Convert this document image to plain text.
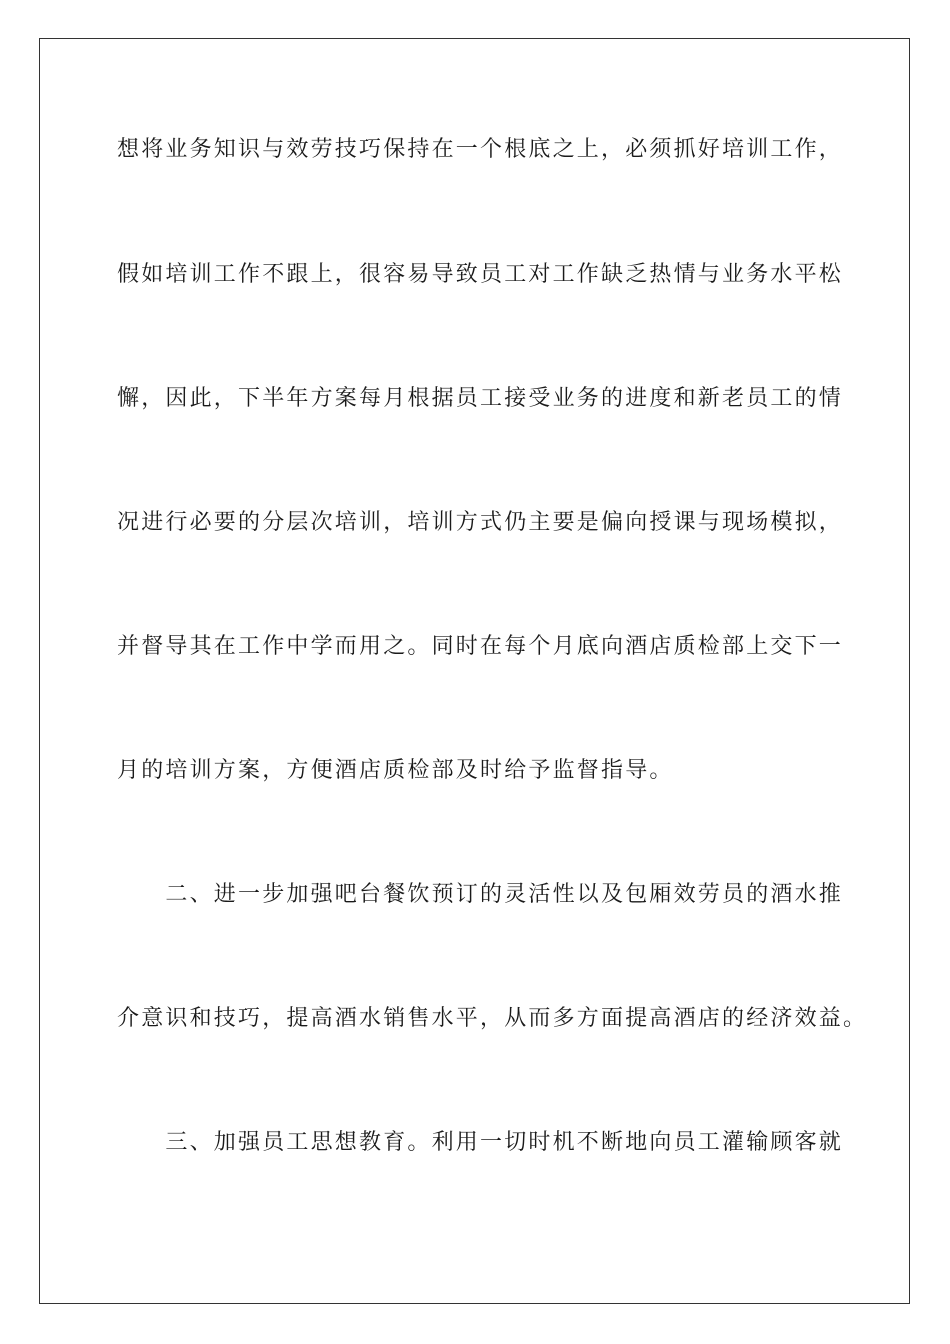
想将业务知识与效劳技巧保持在一个根底之上，必须抓好培训工作，
假如培训工作不跟上，很容易导致员工对工作缺乏热情与业务水平松
懈，因此，下半年方案每月根据员工接受业务的进度和新老员工的情
况进行必要的分层次培训，培训方式仍主要是偏向授课与现场模拟，
并督导其在工作中学而用之。同时在每个月底向酒店质检部上交下一
月的培训方案，方便酒店质检部及时给予监督指导。
　　二、进一步加强吧台餐饮预订的灵活性以及包厢效劳员的酒水推
介意识和技巧，提高酒水销售水平，从而多方面提高酒店的经济效益。
　　三、加强员工思想教育。利用一切时机不断地向员工灌输顾客就
